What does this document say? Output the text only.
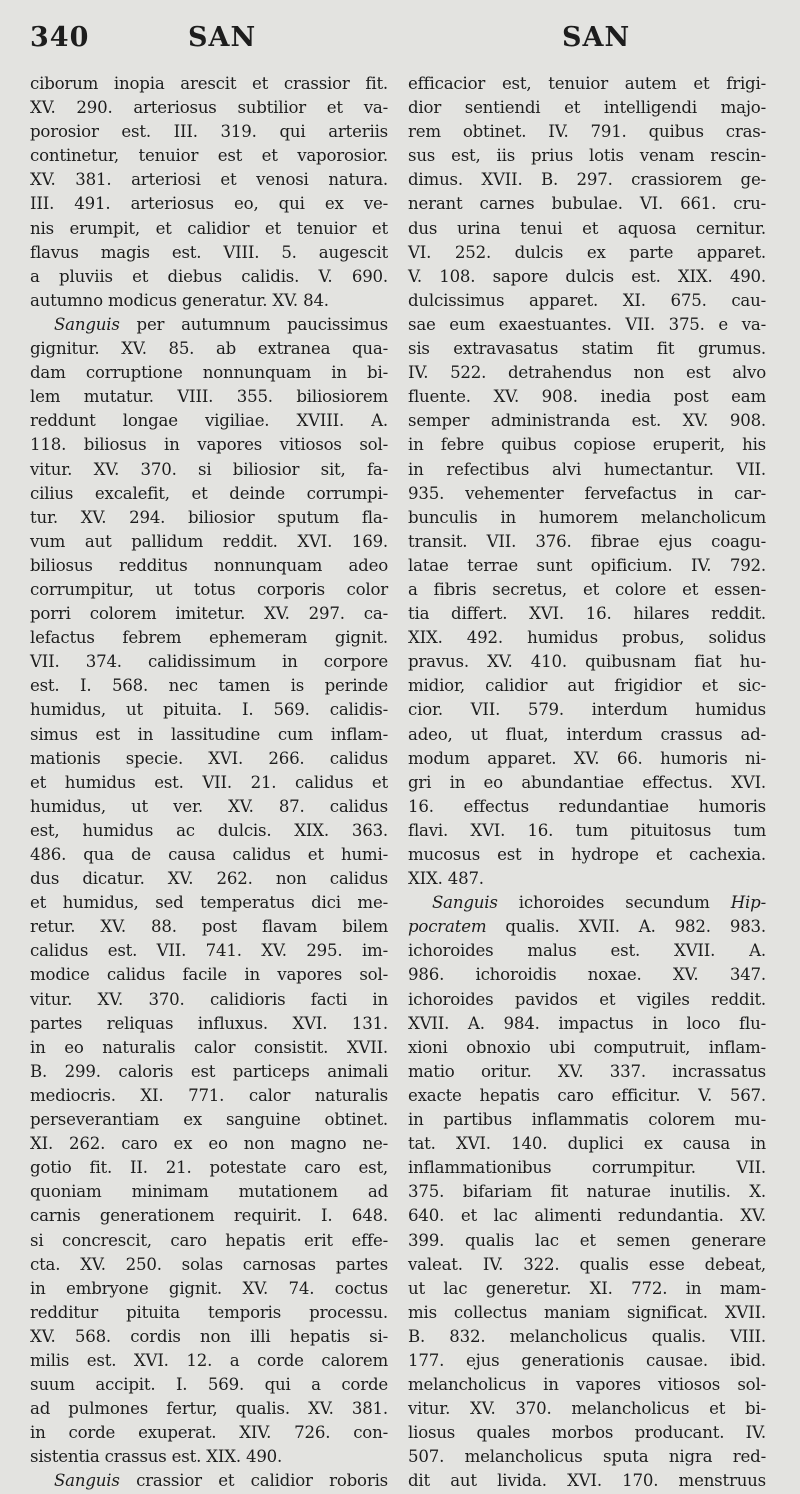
340	SAN	SAN
ciborum inopia arescit et crassior fit.
XV. 290. arteriosus subtilior et va-
porosior est. III. 319. qui arteriis
continetur, tenuior est et vaporosior.
XV. 381. arteriosi et venosi natura.
III. 491. arteriosus eo, qui ex ve-
nis erumpit, et calidior et tenuior et
flavus magis est. VIII. 5. augescit
a pluviis et diebus calidis. V. 690.
autumno modicus generatur. XV. 84.
Sanguis per autumnum paucissimus
gignitur. XV. 85. ab extranea qua-
dam corruptione nonnunquam in bi-
lem mutatur. VIII. 355. biliosiorem
reddunt longae vigiliae. XVIII. A.
118. biliosus in vapores vitiosos sol-
vitur. XV. 370. si biliosior sit, fa-
cilius excalefit, et deinde corrumpi-
tur. XV. 294. biliosior sputum fla-
vum aut pallidum reddit. XVI. 169.
biliosus redditus nonnunquam adeo
corrumpitur, ut totus corporis color
porri colorem imitetur. XV. 297. ca-
lefactus febrem ephemeram gignit.
VII. 374. calidissimum in corpore
est. I. 568. nec tamen is perinde
humidus, ut pituita. I. 569. calidis-
simus est in lassitudine cum inflam-
mationis specie. XVI. 266. calidus
et humidus est. VII. 21. calidus et
humidus, ut ver. XV. 87. calidus
est, humidus ac dulcis. XIX. 363.
486. qua de causa calidus et humi-
dus dicatur. XV. 262. non calidus
et humidus, sed temperatus dici me-
retur. XV. 88. post flavam bilem
calidus est. VII. 741. XV. 295. im-
modice calidus facile in vapores sol-
vitur. XV. 370. calidioris facti in
partes reliquas influxus. XVI. 131.
in eo naturalis calor consistit. XVII.
B. 299. caloris est particeps animali
mediocris. XI. 771. calor naturalis
perseverantiam ex sanguine obtinet.
XI. 262. caro ex eo non magno ne-
gotio fit. II. 21. potestate caro est,
quoniam minimam mutationem ad
carnis generationem requirit. I. 648.
si concrescit, caro hepatis erit effe-
cta. XV. 250. solas carnosas partes
in embryone gignit. XV. 74. coctus
redditur pituita temporis processu.
XV. 568. cordis non illi hepatis si-
milis est. XVI. 12. a corde calorem
suum accipit. I. 569. qui a corde
ad pulmones fertur, qualis. XV. 381.
in corde exuperat. XIV. 726. con-
sistentia crassus est. XIX. 490.
Sanguis crassior et calidior roboris
efficacior est, tenuior autem et frigi-
dior sentiendi et intelligendi majo-
rem obtinet. IV. 791. quibus cras-
sus est, iis prius lotis venam rescin-
dimus. XVII. B. 297. crassiorem ge-
nerant carnes bubulae. VI. 661. cru-
dus urina tenui et aquosa cernitur.
VI. 252. dulcis ex parte apparet.
V. 108. sapore dulcis est. XIX. 490.
dulcissimus apparet. XI. 675. cau-
sae eum exaestuantes. VII. 375. e va-
sis extravasatus statim fit grumus.
IV. 522. detrahendus non est alvo
fluente. XV. 908. inedia post eam
semper administranda est. XV. 908.
in febre quibus copiose eruperit, his
in refectibus alvi humectantur. VII.
935. vehementer fervefactus in car-
bunculis in humorem melancholicum
transit. VII. 376. fibrae ejus coagu-
latae terrae sunt opificium. IV. 792.
a fibris secretus, et colore et essen-
tia differt. XVI. 16. hilares reddit.
XIX. 492. humidus probus, solidus
pravus. XV. 410. quibusnam fiat hu-
midior, calidior aut frigidior et sic-
cior. VII. 579. interdum humidus
adeo, ut fluat, interdum crassus ad-
modum apparet. XV. 66. humoris ni-
gri in eo abundantiae effectus. XVI.
16. effectus redundantiae humoris
flavi. XVI. 16. tum pituitosus tum
mucosus est in hydrope et cachexia.
XIX. 487.
Sanguis ichoroides secundum Hip-
pocratem qualis. XVII. A. 982. 983.
ichoroides malus est. XVII. A.
986. ichoroidis noxae. XV. 347.
ichoroides pavidos et vigiles reddit.
XVII. A. 984. impactus in loco flu-
xioni obnoxio ubi computruit, inflam-
matio oritur. XV. 337. incrassatus
exacte hepatis caro efficitur. V. 567.
in partibus inflammatis colorem mu-
tat. XVI. 140. duplici ex causa in
inflammationibus corrumpitur. VII.
375. bifariam fit naturae inutilis. X.
640. et lac alimenti redundantia. XV.
399. qualis lac et semen generare
valeat. IV. 322. qualis esse debeat,
ut lac generetur. XI. 772. in mam-
mis collectus maniam significat. XVII.
B. 832. melancholicus qualis. VIII.
177. ejus generationis causae. ibid.
melancholicus in vapores vitiosos sol-
vitur. XV. 370. melancholicus et bi-
liosus quales morbos producant. IV.
507. melancholicus sputa nigra red-
dit aut livida. XVI. 170. menstruus
